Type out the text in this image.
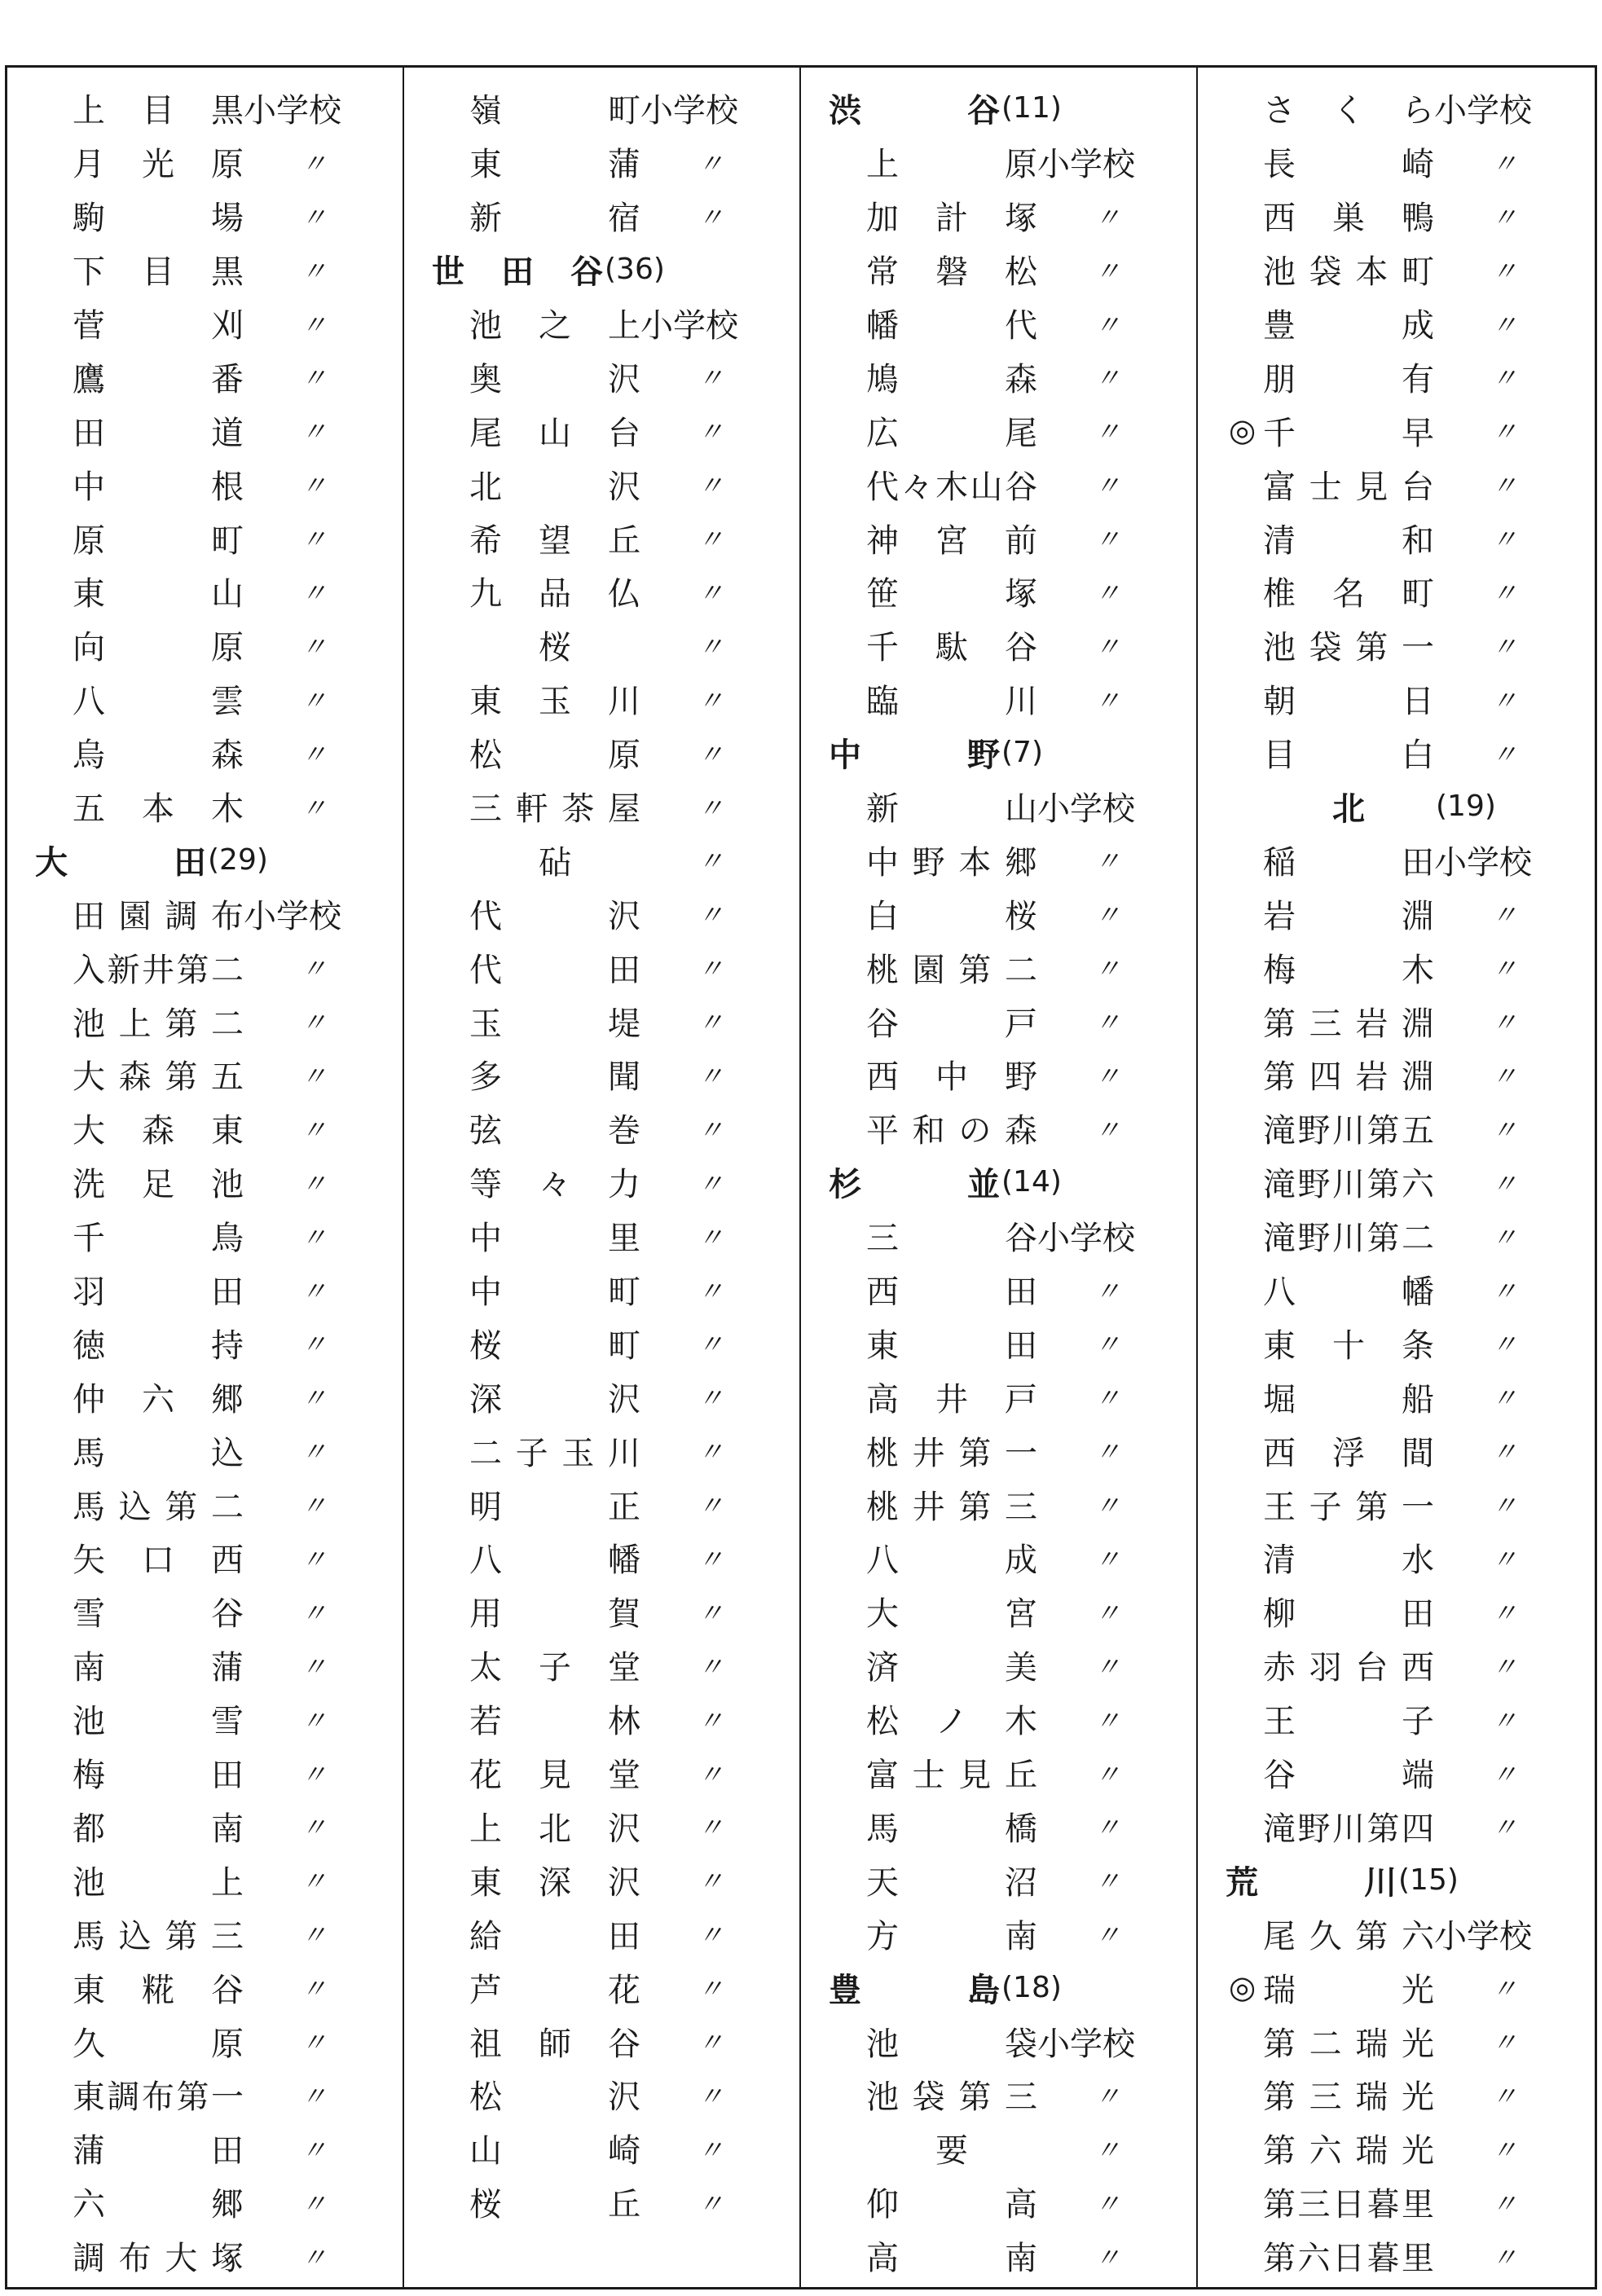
上 目 黒 小学校
月 光 原 〃
駒	場 〃
下 目 黒 〃
菅	刈 〃
鷹	番 〃
田	道 〃
中	根 〃
原	町 〃
東	山 〃
向	原 〃
八	雲 〃
烏	森 〃
五 本 木 〃
大	田 (29)
田 園 調 布 小学校
入 新 井 第 二 〃
池 上 第 二 〃
大 森 第 五 〃
大 森 東 〃
洗 足 池 〃
千	鳥 〃
羽	田 〃
徳	持 〃
仲 六 郷 〃
馬	込 〃
馬 込 第 二 〃
矢 口 西 〃
雪	谷 〃
南	蒲 〃
池	雪 〃
梅	田 〃
都	南 〃
池	上 〃
馬 込 第 三 〃
東 糀 谷 〃
久	原 〃
東 調 布 第 一 〃
蒲	田 〃
六	郷 〃
調 布 大 塚 〃
嶺	町 小学校
東	蒲 〃
新	宿 〃
世 田 谷 (36)
池 之 上 小学校
奥	沢 〃
尾 山 台 〃
北	沢 〃
希 望 丘 〃
九 品 仏 〃
桜	〃
東 玉 川 〃
松	原 〃
三 軒 茶 屋 〃
砧	〃
代	沢 〃
代	田 〃
玉	堤 〃
多	聞 〃
弦	巻 〃
等 々 力 〃
中	里 〃
中	町 〃
桜	町 〃
深	沢 〃
二 子 玉 川 〃
明	正 〃
八	幡 〃
用	賀 〃
太 子 堂 〃
若	林 〃
花 見 堂 〃
上 北 沢 〃
東 深 沢 〃
給	田 〃
芦	花 〃
祖 師 谷 〃
松	沢 〃
山	崎 〃
桜	丘 〃
渋	谷 (11)
上	原 小学校
加 計 塚 〃
常 磐 松 〃
幡	代 〃
鳩	森 〃
広	尾 〃
代 々 木 山 谷 〃
神 宮 前 〃
笹	塚 〃
千 駄 谷 〃
臨	川 〃
中	野 (7)
新	山 小学校
中 野 本 郷 〃
白	桜 〃
桃 園 第 二 〃
谷	戸 〃
西 中 野 〃
平 和 の 森 〃
杉	並 (14)
三	谷 小学校
西	田 〃
東	田 〃
高 井 戸 〃
桃 井 第 一 〃
桃 井 第 三 〃
八	成 〃
大	宮 〃
済	美 〃
松 ノ 木 〃
富 士 見 丘 〃
馬	橋 〃
天	沼 〃
方	南 〃
豊	島 (18)
池	袋 小学校
池 袋 第 三 〃
要	〃
仰	高 〃
高	南 〃
さ く ら 小学校
長	崎 〃
西 巣 鴨 〃
池 袋 本 町 〃
豊	成 〃
朋	有 〃
◎ 千	早 〃
富 士 見 台 〃
清	和 〃
椎 名 町 〃
池 袋 第 一 〃
朝	日 〃
目	白 〃
北 (19)
稲	田 小学校
岩	淵 〃
梅	木 〃
第 三 岩 淵 〃
第 四 岩 淵 〃
滝 野 川 第 五 〃
滝 野 川 第 六 〃
滝 野 川 第 二 〃
八	幡 〃
東 十 条 〃
堀	船 〃
西 浮 間 〃
王 子 第 一 〃
清	水 〃
柳	田 〃
赤 羽 台 西 〃
王	子 〃
谷	端 〃
滝 野 川 第 四 〃
荒	川 (15)
尾 久 第 六 小学校
◎ 瑞	光 〃
第 二 瑞 光 〃
第 三 瑞 光 〃
第 六 瑞 光 〃
第 三 日 暮 里 〃
第 六 日 暮 里 〃
